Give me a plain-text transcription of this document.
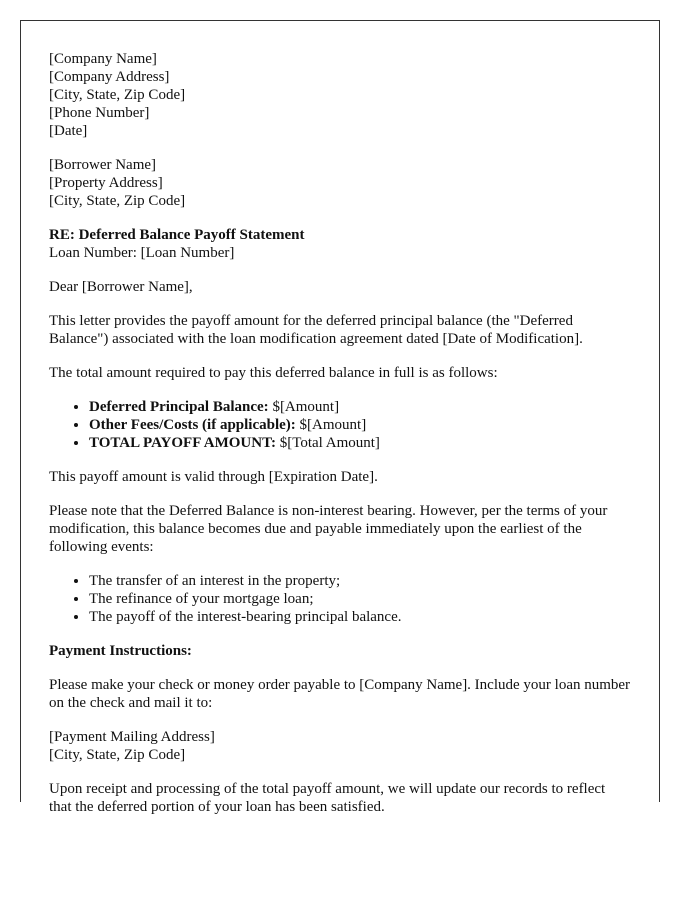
[Company Name]
[Company Address]
[City, State, Zip Code]
[Phone Number]
[Date]

[Borrower Name]
[Property Address]
[City, State, Zip Code]

RE: Deferred Balance Payoff Statement
Loan Number: [Loan Number]

Dear [Borrower Name],

This letter provides the payoff amount for the deferred principal balance (the "Deferred Balance") associated with the loan modification agreement dated [Date of Modification].

The total amount required to pay this deferred balance in full is as follows:

• Deferred Principal Balance: $[Amount]
• Other Fees/Costs (if applicable): $[Amount]
• TOTAL PAYOFF AMOUNT: $[Total Amount]

This payoff amount is valid through [Expiration Date].

Please note that the Deferred Balance is non-interest bearing. However, per the terms of your modification, this balance becomes due and payable immediately upon the earliest of the following events:

• The transfer of an interest in the property;
• The refinance of your mortgage loan;
• The payoff of the interest-bearing principal balance.

Payment Instructions:

Please make your check or money order payable to [Company Name]. Include your loan number on the check and mail it to:

[Payment Mailing Address]
[City, State, Zip Code]

Upon receipt and processing of the total payoff amount, we will update our records to reflect that the deferred portion of your loan has been satisfied.
